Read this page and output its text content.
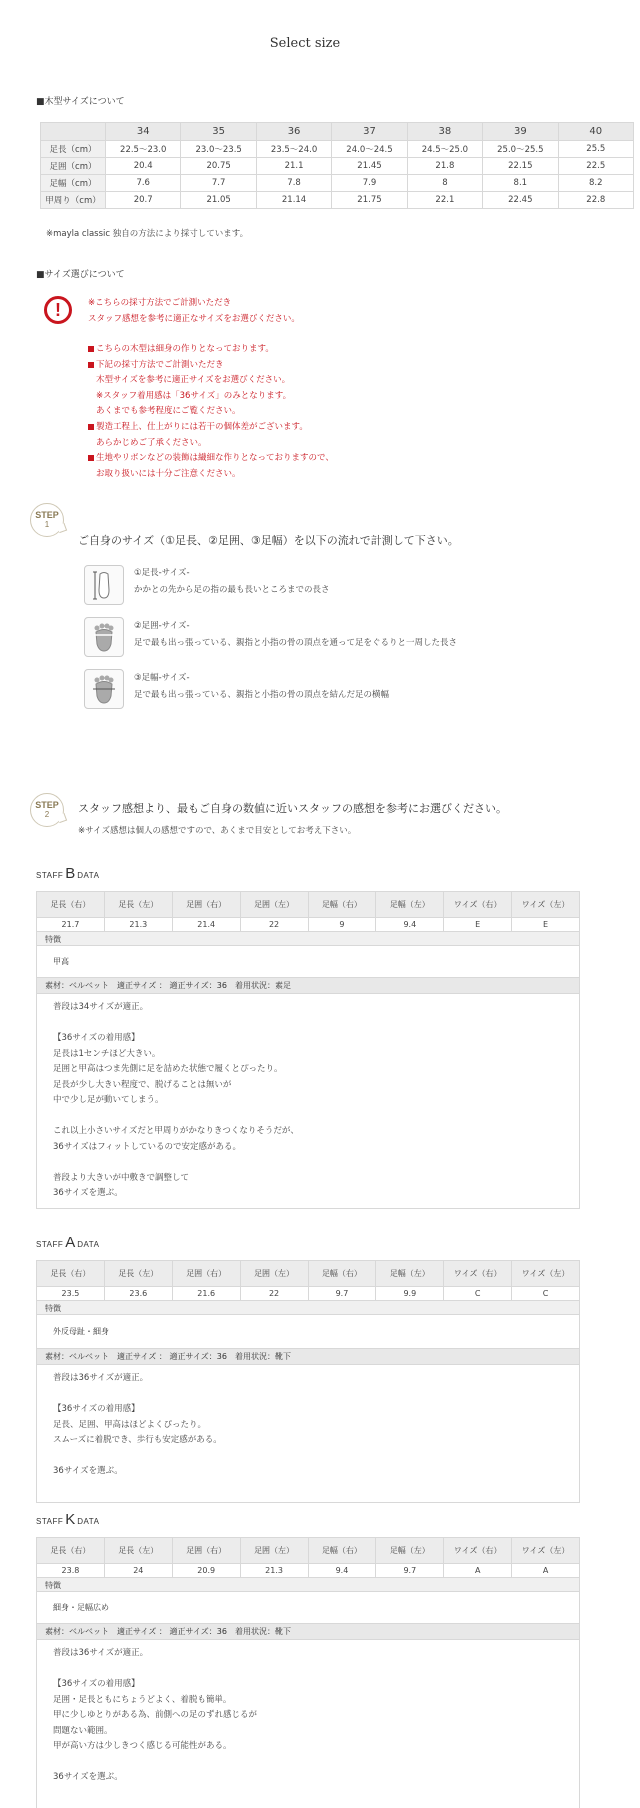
Select size
■木型サイズについて
	34	35	36	37	38	39	40
足長（cm）	22.5〜23.0	23.0〜23.5	23.5〜24.0	24.0〜24.5	24.5〜25.0	25.0〜25.5	25.5
足囲（cm）	20.4	20.75	21.1	21.45	21.8	22.15	22.5
足幅（cm）	7.6	7.7	7.8	7.9	8	8.1	8.2
甲周り（cm）	20.7	21.05	21.14	21.75	22.1	22.45	22.8
※mayla classic 独自の方法により採寸しています。
■サイズ選びについて
!	※こちらの採寸方法でご計測いただき
スタッフ感想を参考に適正なサイズをお選びください。
こちらの木型は細身の作りとなっております。
下記の採寸方法でご計測いただき
木型サイズを参考に適正サイズをお選びください。
※スタッフ着用感は「36サイズ」のみとなります。
あくまでも参考程度にご覧ください。
製造工程上、仕上がりには若干の個体差がございます。
あらかじめご了承ください。
生地やリボンなどの装飾は繊細な作りとなっておりますので、
お取り扱いには十分ご注意ください。
STEP
1
ご自身のサイズ（①足長、②足囲、③足幅）を以下の流れで計測して下さい。
①足長-サイズ-
かかとの先から足の指の最も長いところまでの長さ
②足囲-サイズ-
足で最も出っ張っている、親指と小指の骨の頂点を通って足をぐるりと一周した長さ
③足幅-サイズ-
足で最も出っ張っている、親指と小指の骨の頂点を結んだ足の横幅
STEP
2	スタッフ感想より、最もご自身の数値に近いスタッフの感想を参考にお選びください。
※サイズ感想は個人の感想ですので、あくまで目安としてお考え下さい。
STAFF B DATA
足長（右）	足長（左）	足囲（右）	足囲（左）	足幅（右）	足幅（左）	ワイズ（右）	ワイズ（左）
21.7	21.3	21.4	22	9	9.4	E	E
特徴
甲高
素材：ベルベット　適正サイズ ： 適正サイズ：36　着用状況：素足
普段は34サイズが適正。
【36サイズの着用感】
足長は1センチほど大きい。
足囲と甲高はつま先側に足を詰めた状態で履くとぴったり。
足長が少し大きい程度で、脱げることは無いが
中で少し足が動いてしまう。
これ以上小さいサイズだと甲周りがかなりきつくなりそうだが、
36サイズはフィットしているので安定感がある。
普段より大きいが中敷きで調整して
36サイズを選ぶ。
STAFF A DATA
足長（右）	足長（左）	足囲（右）	足囲（左）	足幅（右）	足幅（左）	ワイズ（右）	ワイズ（左）
23.5	23.6	21.6	22	9.7	9.9	C	C
特徴
外反母趾・細身
素材：ベルベット　適正サイズ ： 適正サイズ：36　着用状況：靴下
普段は36サイズが適正。
【36サイズの着用感】
足長、足囲、甲高はほどよくぴったり。
スムーズに着脱でき、歩行も安定感がある。
36サイズを選ぶ。
STAFF K DATA
足長（右）	足長（左）	足囲（右）	足囲（左）	足幅（右）	足幅（左）	ワイズ（右）	ワイズ（左）
23.8	24	20.9	21.3	9.4	9.7	A	A
特徴
細身・足幅広め
素材：ベルベット　適正サイズ ： 適正サイズ：36　着用状況：靴下
普段は36サイズが適正。
【36サイズの着用感】
足囲・足長ともにちょうどよく、着脱も簡単。
甲に少しゆとりがある為、前側への足のずれ感じるが
問題ない範囲。
甲が高い方は少しきつく感じる可能性がある。
36サイズを選ぶ。
